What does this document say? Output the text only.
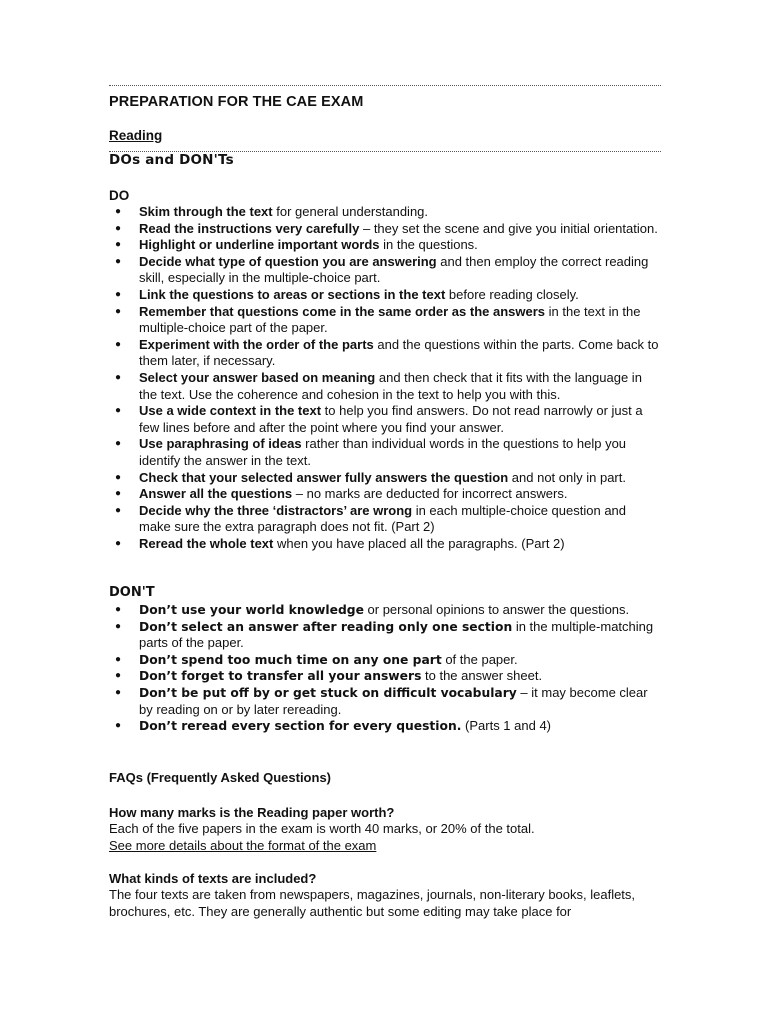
PREPARATION FOR THE CAE EXAM
Reading
DOs and DON'Ts
DO
● Skim through the text for general understanding.
● Read the instructions very carefully – they set the scene and give you initial orientation.
● Highlight or underline important words in the questions.
● Decide what type of question you are answering and then employ the correct reading skill, especially in the multiple-choice part.
● Link the questions to areas or sections in the text before reading closely.
● Remember that questions come in the same order as the answers in the text in the multiple-choice part of the paper.
● Experiment with the order of the parts and the questions within the parts. Come back to them later, if necessary.
● Select your answer based on meaning and then check that it fits with the language in the text. Use the coherence and cohesion in the text to help you with this.
● Use a wide context in the text to help you find answers. Do not read narrowly or just a few lines before and after the point where you find your answer.
● Use paraphrasing of ideas rather than individual words in the questions to help you identify the answer in the text.
● Check that your selected answer fully answers the question and not only in part.
● Answer all the questions – no marks are deducted for incorrect answers.
● Decide why the three ‘distractors’ are wrong in each multiple-choice question and make sure the extra paragraph does not fit. (Part 2)
● Reread the whole text when you have placed all the paragraphs. (Part 2)
DON'T
● Don’t use your world knowledge or personal opinions to answer the questions.
● Don’t select an answer after reading only one section in the multiple-matching parts of the paper.
● Don’t spend too much time on any one part of the paper.
● Don’t forget to transfer all your answers to the answer sheet.
● Don’t be put off by or get stuck on difficult vocabulary – it may become clear by reading on or by later rereading.
● Don’t reread every section for every question. (Parts 1 and 4)
FAQs (Frequently Asked Questions)
How many marks is the Reading paper worth?
Each of the five papers in the exam is worth 40 marks, or 20% of the total.
See more details about the format of the exam
What kinds of texts are included?
The four texts are taken from newspapers, magazines, journals, non-literary books, leaflets, brochures, etc. They are generally authentic but some editing may take place for
